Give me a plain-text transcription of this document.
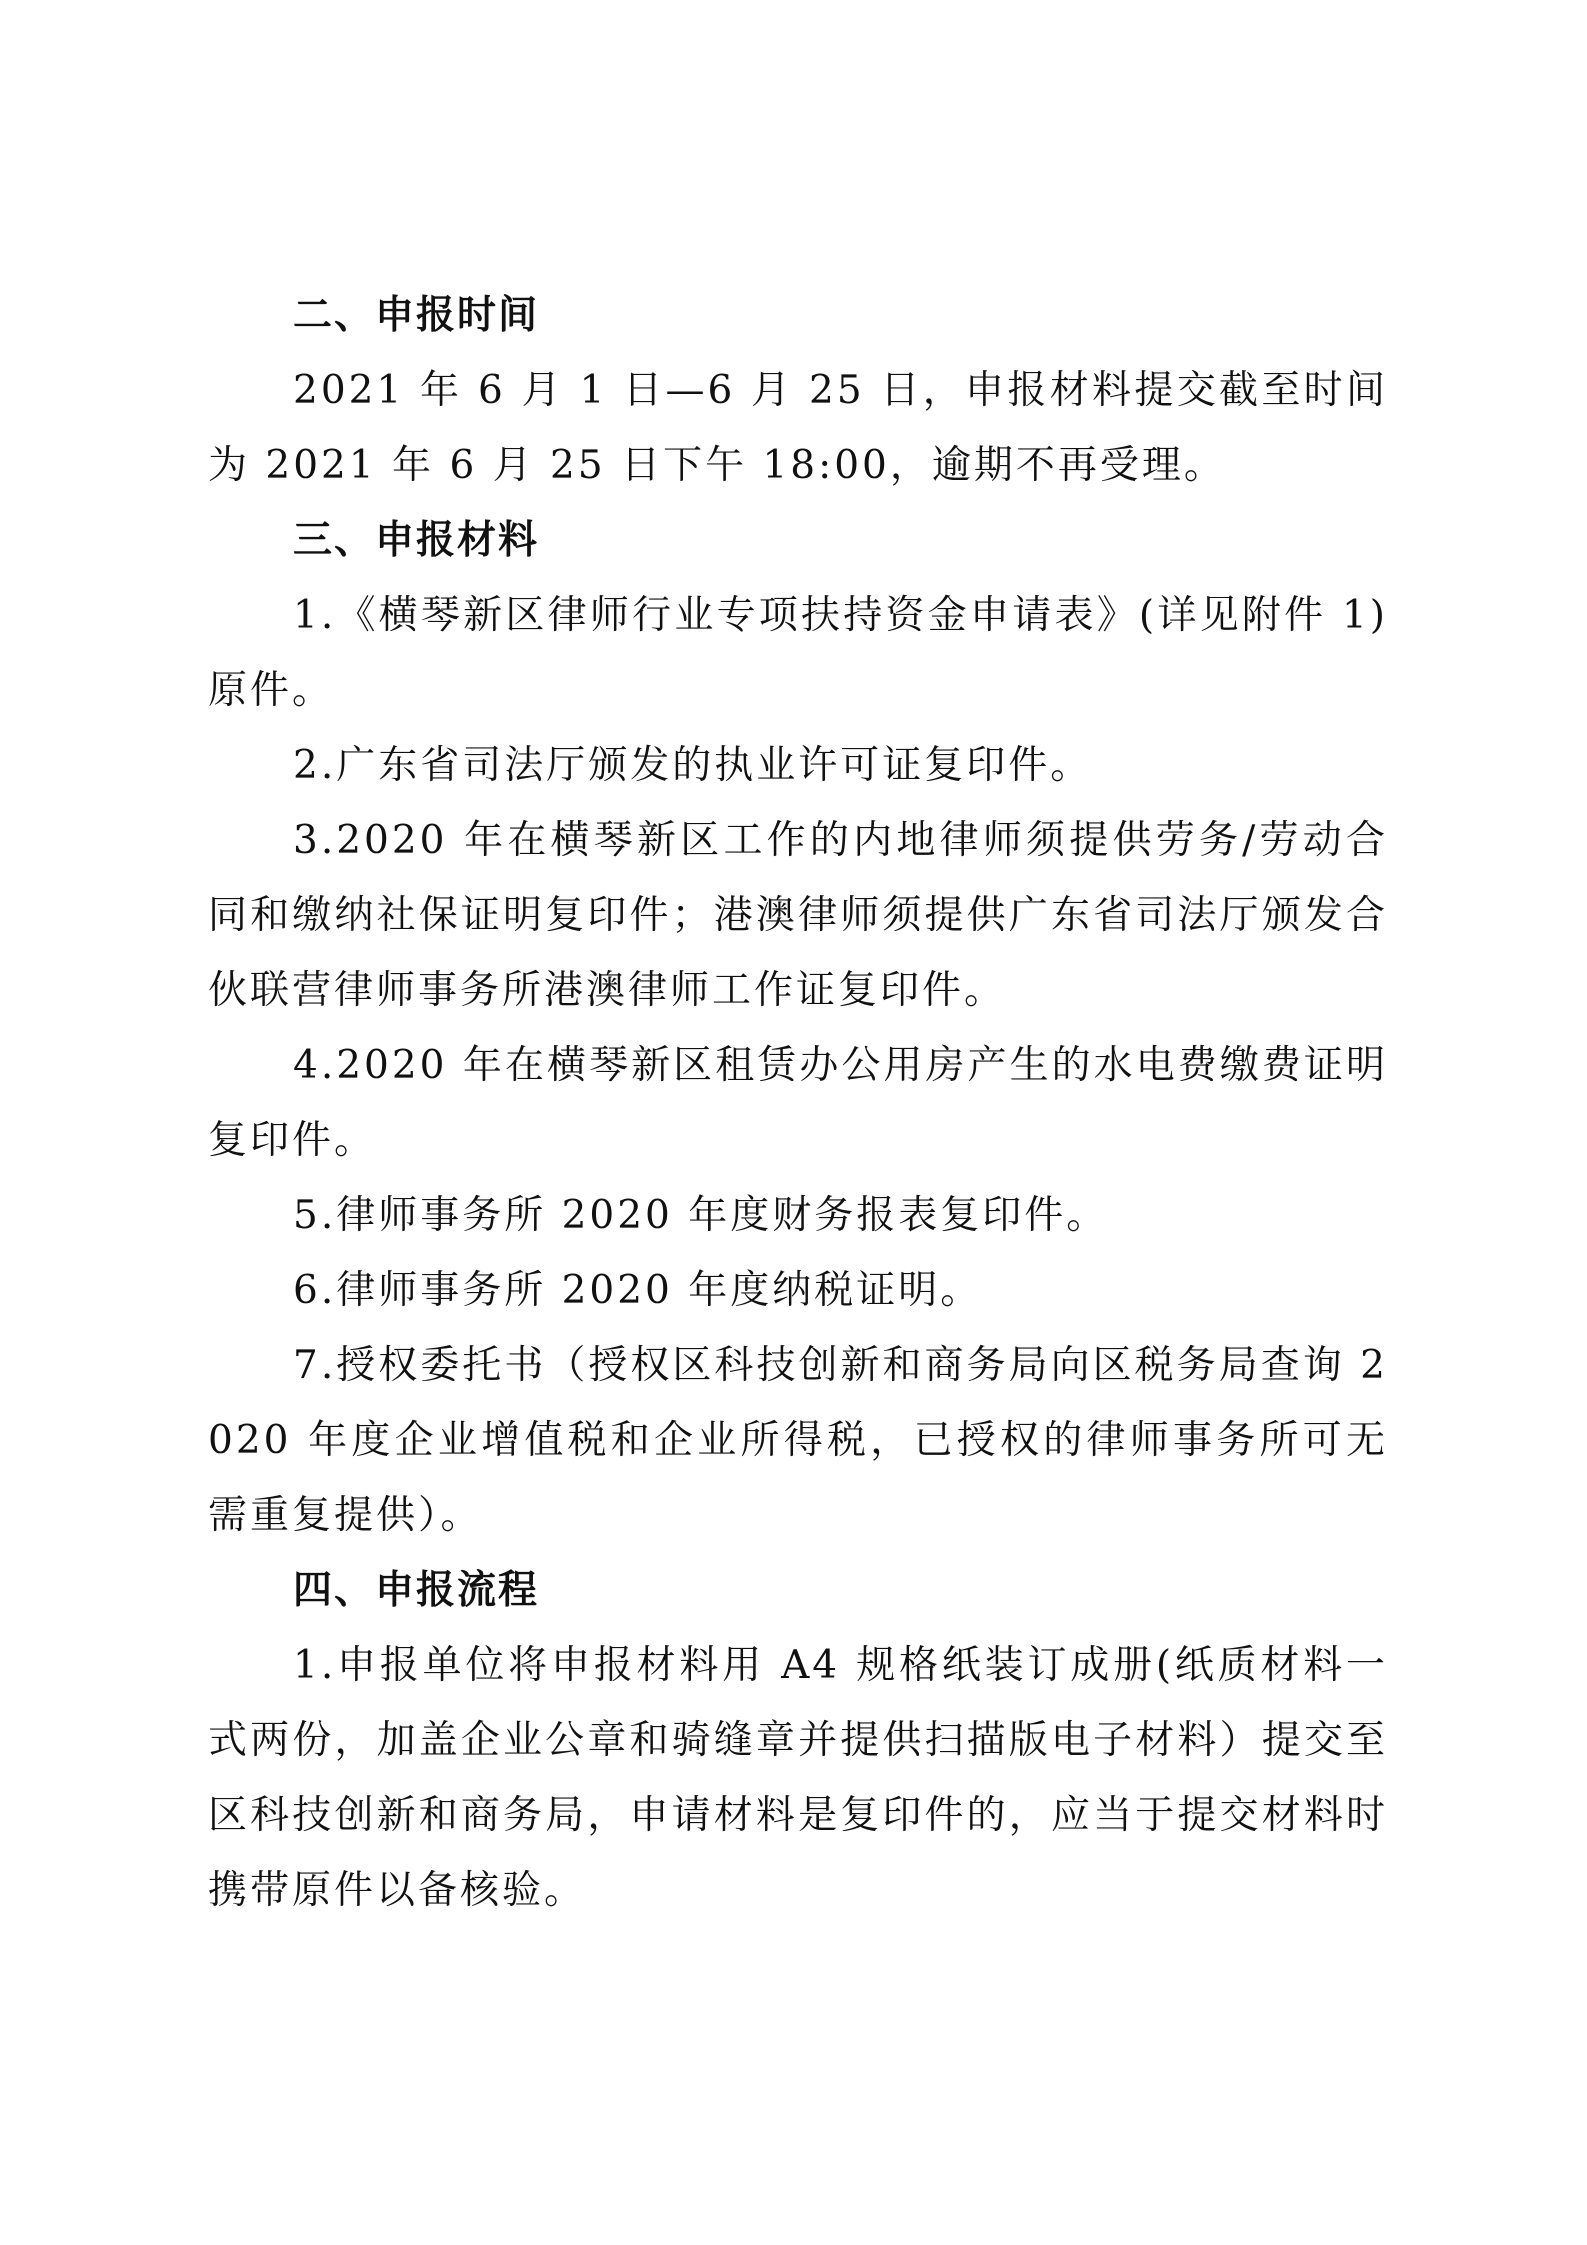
二、申报时间

2021 年 6 月 1 日—6 月 25 日，申报材料提交截至时间为 2021 年 6 月 25 日下午 18:00，逾期不再受理。

三、申报材料

1.《横琴新区律师行业专项扶持资金申请表》(详见附件 1) 原件。

2.广东省司法厅颁发的执业许可证复印件。

3.2020 年在横琴新区工作的内地律师须提供劳务/劳动合同和缴纳社保证明复印件；港澳律师须提供广东省司法厅颁发合伙联营律师事务所港澳律师工作证复印件。

4.2020 年在横琴新区租赁办公用房产生的水电费缴费证明复印件。

5.律师事务所 2020 年度财务报表复印件。

6.律师事务所 2020 年度纳税证明。

7.授权委托书（授权区科技创新和商务局向区税务局查询 2020 年度企业增值税和企业所得税，已授权的律师事务所可无需重复提供）。

四、申报流程

1.申报单位将申报材料用 A4 规格纸装订成册(纸质材料一式两份，加盖企业公章和骑缝章并提供扫描版电子材料）提交至区科技创新和商务局，申请材料是复印件的，应当于提交材料时携带原件以备核验。
